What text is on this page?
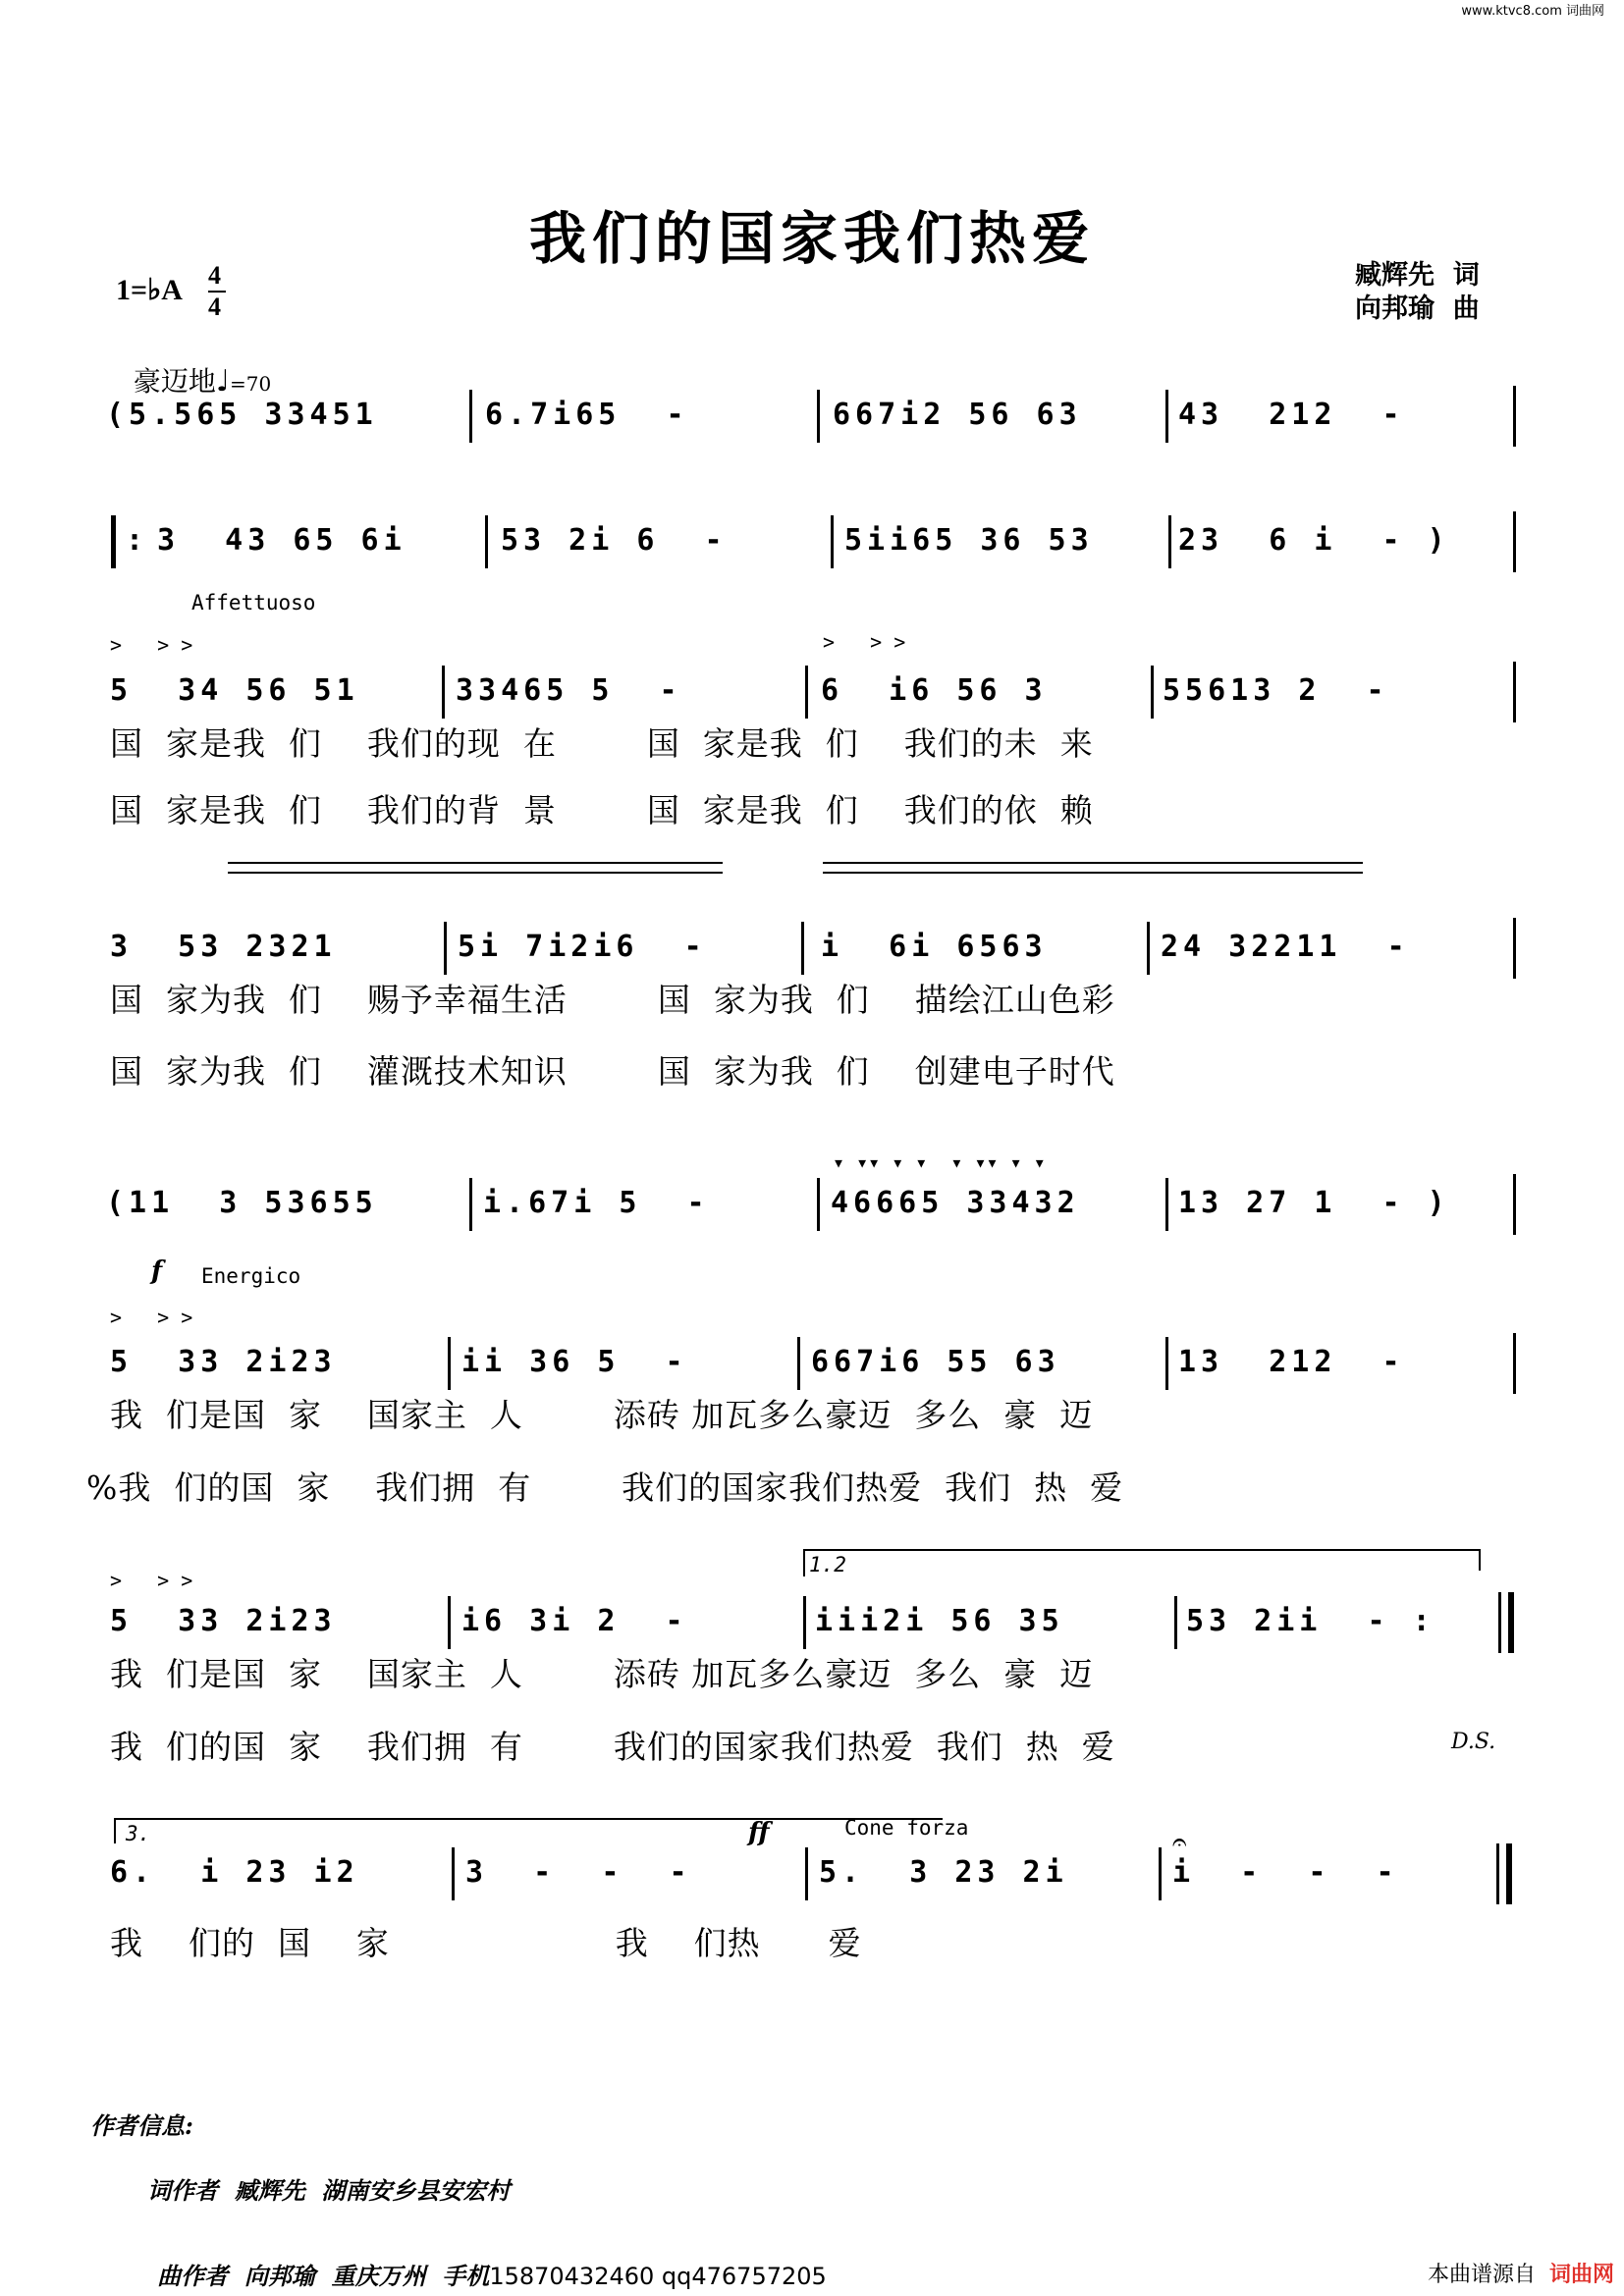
www.ktvc8.com 词曲网
我们的国家我们热爱
臧辉先  词
向邦瑜  曲
1=♭A 4
4

豪迈地♩=70

(5.565 33451	6.7i65  -	667i2 56 63	43  212  -
: 3  43 65 6i	53 2i 6  -	5ii65 36 53	23  6 i  - )
Affettuoso
>   > >	>   > >
5  34 56 51	33465 5  -	6  i6 56 3	55613 2  -
国  家是我  们    我们的现  在        国  家是我  们    我们的未  来
国  家是我  们    我们的背  景        国  家是我  们    我们的依  赖
3  53 2321	5i 7i2i6  -	i  6i 6563	24 32211  -
国  家为我  们    赐予幸福生活        国  家为我  们    描绘江山色彩
国  家为我  们    灌溉技术知识        国  家为我  们    创建电子时代
▾ ▾▾ ▾ ▾  ▾ ▾▾ ▾ ▾
(11  3 53655	i.67i 5  -	46665 33432	13 27 1  - )
f Energico
>   > >
5  33 2i23	ii 36 5  -	667i6 55 63	13  212  -
我  们是国  家    国家主  人        添砖 加瓦多么豪迈  多么  豪  迈
%我  们的国  家    我们拥  有        我们的国家我们热爱  我们  热  爱
1.2
>   > >
5  33 2i23	i6 3i 2  -	iii2i 56 35	53 2ii  - :
我  们是国  家    国家主  人        添砖 加瓦多么豪迈  多么  豪  迈
我  们的国  家    我们拥  有        我们的国家我们热爱  我们  热  爱	D.S.
3.	ff	Cone forza
6.  i 23 i2	3  -  -  -	5.  3 23 2i	i  -  -  -
𝄐
我    们的  国    家                    我    们热      爱
作者信息:
词作者  臧辉先  湖南安乡县安宏村

曲作者  向邦瑜  重庆万州  手机15870432460 qq476757205	本曲谱源自 词曲网
